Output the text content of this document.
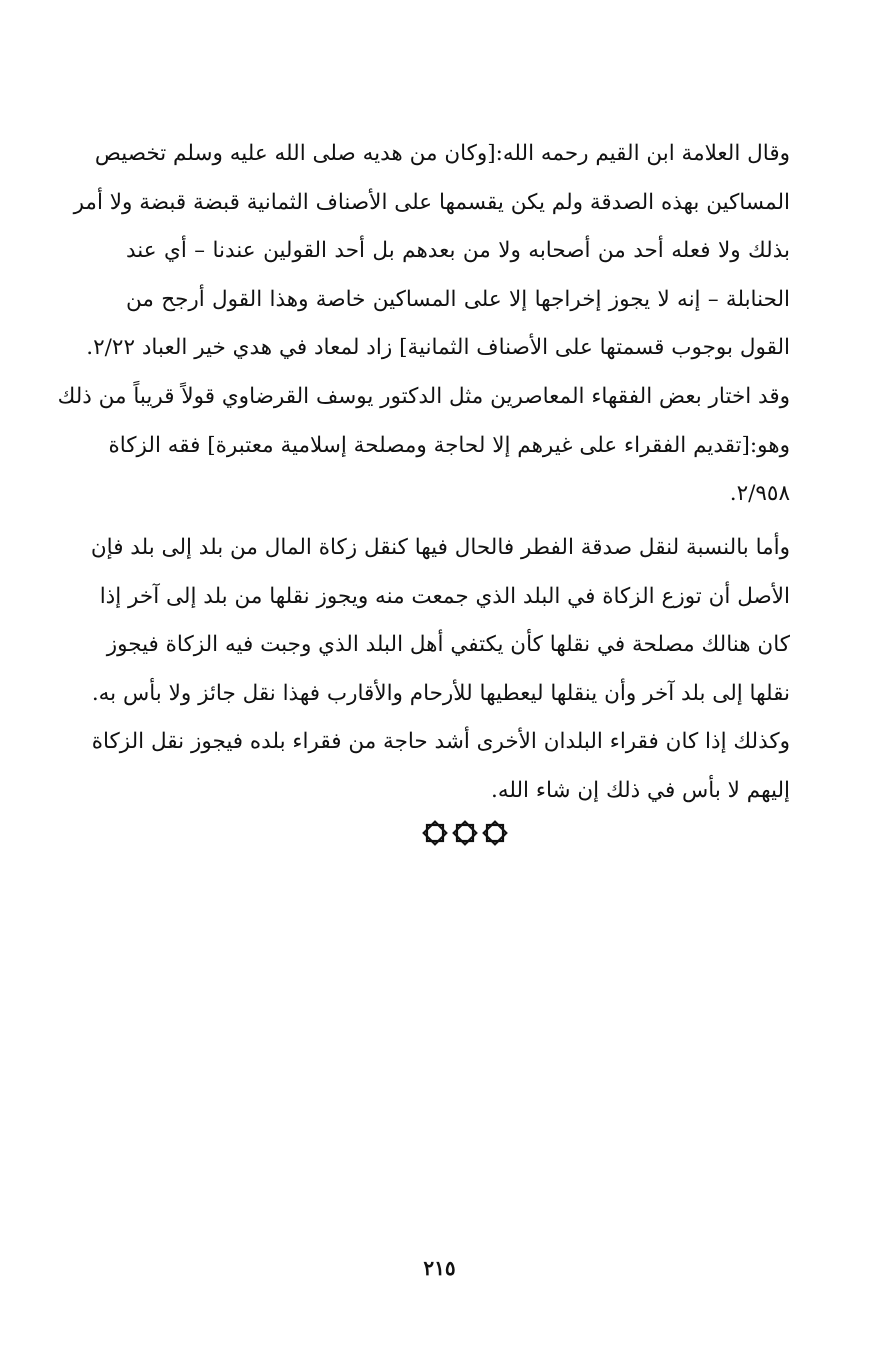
وقال العلامة ابن القيم رحمه الله:[وكان من هديه صلى الله عليه وسلم تخصيص
المساكين بهذه الصدقة ولم يكن يقسمها على الأصناف الثمانية قبضة قبضة ولا أمر
بذلك ولا فعله أحد من أصحابه ولا من بعدهم بل أحد القولين عندنا – أي عند
الحنابلة – إنه لا يجوز إخراجها إلا على المساكين خاصة وهذا القول أرجح من
القول بوجوب قسمتها على الأصناف الثمانية] زاد لمعاد في هدي خير العباد ٢/٢٢.
وقد اختار بعض الفقهاء المعاصرين مثل الدكتور يوسف القرضاوي قولاً قريباً من ذلك
وهو:[تقديم الفقراء على غيرهم إلا لحاجة ومصلحة إسلامية معتبرة] فقه الزكاة
٢/٩٥٨.
وأما بالنسبة لنقل صدقة الفطر فالحال فيها كنقل زكاة المال من بلد إلى بلد فإن
الأصل أن توزع الزكاة في البلد الذي جمعت منه ويجوز نقلها من بلد إلى آخر إذا
كان هنالك مصلحة في نقلها كأن يكتفي أهل البلد الذي وجبت فيه الزكاة فيجوز
نقلها إلى بلد آخر وأن ينقلها ليعطيها للأرحام والأقارب فهذا نقل جائز ولا بأس به.
وكذلك إذا كان فقراء البلدان الأخرى أشد حاجة من فقراء بلده فيجوز نقل الزكاة
إليهم لا بأس في ذلك إن شاء الله.
٢١٥
